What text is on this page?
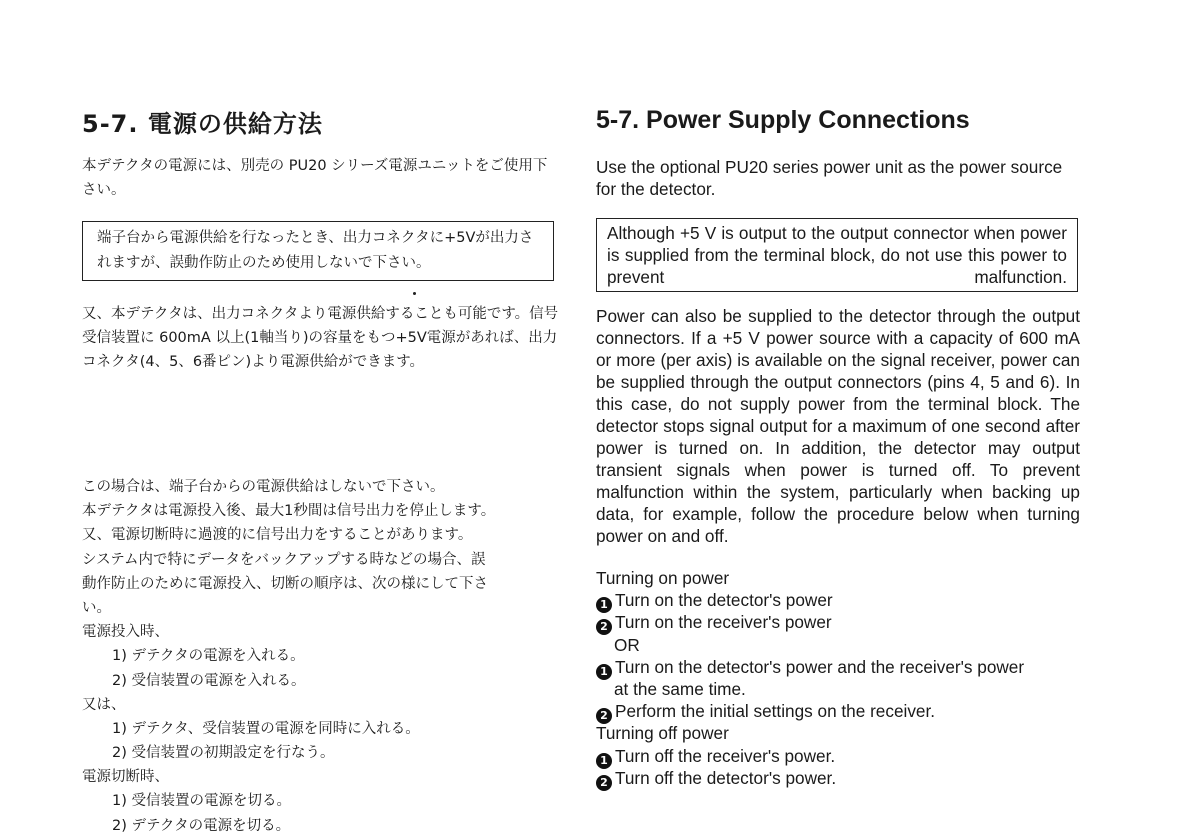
5-7. 電源の供給方法

本デテクタの電源には、別売の PU20 シリーズ電源ユニットをご使用下さい。

端子台から電源供給を行なったとき、出力コネクタに+5Vが出力されますが、誤動作防止のため使用しないで下さい。

又、本デテクタは、出力コネクタより電源供給することも可能です。信号受信装置に 600mA 以上(1軸当り)の容量をもつ+5V電源があれば、出力コネクタ(4、5、6番ピン)より電源供給ができます。

この場合は、端子台からの電源供給はしないで下さい。
本デテクタは電源投入後、最大1秒間は信号出力を停止します。
又、電源切断時に過渡的に信号出力をすることがあります。
システム内で特にデータをバックアップする時などの場合、誤
動作防止のために電源投入、切断の順序は、次の様にして下さ
い。
電源投入時、
1) デテクタの電源を入れる。
2) 受信装置の電源を入れる。
又は、
1) デテクタ、受信装置の電源を同時に入れる。
2) 受信装置の初期設定を行なう。
電源切断時、
1) 受信装置の電源を切る。
2) デテクタの電源を切る。
5-7. Power Supply Connections

Use the optional PU20 series power unit as the power source for the detector.

Although +5 V is output to the output connector when power is supplied from the terminal block, do not use this power to prevent malfunction.

Power can also be supplied to the detector through the output connectors. If a +5 V power source with a capacity of 600 mA or more (per axis) is available on the signal receiver, power can be supplied through the output connectors (pins 4, 5 and 6). In this case, do not supply power from the terminal block. The detector stops signal output for a maximum of one second after power is turned on. In addition, the detector may output transient signals when power is turned off. To prevent malfunction within the system, particularly when backing up data, for example, follow the procedure below when turning power on and off.

Turning on power
1 Turn on the detector's power
2 Turn on the receiver's power
OR
1 Turn on the detector's power and the receiver's power
at the same time.
2 Perform the initial settings on the receiver.
Turning off power
1 Turn off the receiver's power.
2 Turn off the detector's power.
